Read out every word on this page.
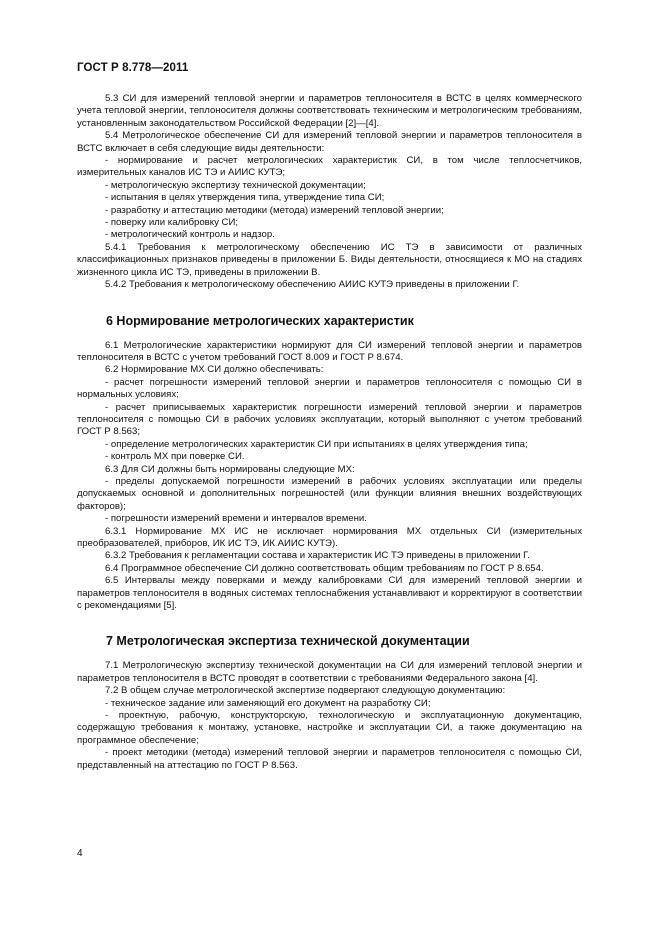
ГОСТ Р 8.778—2011

5.3 СИ для измерений тепловой энергии и параметров теплоносителя в ВСТС в целях коммерческого учета тепловой энергии, теплоносителя должны соответствовать техническим и метрологическим требованиям, установленным законодательством Российской Федерации [2]—[4].

5.4 Метрологическое обеспечение СИ для измерений тепловой энергии и параметров теплоносителя в ВСТС включает в себя следующие виды деятельности:

- нормирование и расчет метрологических характеристик СИ, в том числе теплосчетчиков, измерительных каналов ИС ТЭ и АИИС КУТЭ;

- метрологическую экспертизу технической документации;

- испытания в целях утверждения типа, утверждение типа СИ;

- разработку и аттестацию методики (метода) измерений тепловой энергии;

- поверку или калибровку СИ;

- метрологический контроль и надзор.

5.4.1 Требования к метрологическому обеспечению ИС ТЭ в зависимости от различных классификационных признаков приведены в приложении Б. Виды деятельности, относящиеся к МО на стадиях жизненного цикла ИС ТЭ, приведены в приложении В.

5.4.2 Требования к метрологическому обеспечению АИИС КУТЭ приведены в приложении Г.

6 Нормирование метрологических характеристик

6.1 Метрологические характеристики нормируют для СИ измерений тепловой энергии и параметров теплоносителя в ВСТС с учетом требований ГОСТ 8.009 и ГОСТ Р 8.674.

6.2 Нормирование МХ СИ должно обеспечивать:

- расчет погрешности измерений тепловой энергии и параметров теплоносителя с помощью СИ в нормальных условиях;

- расчет приписываемых характеристик погрешности измерений тепловой энергии и параметров теплоносителя с помощью СИ в рабочих условиях эксплуатации, который выполняют с учетом требований ГОСТ Р 8.563;

- определение метрологических характеристик СИ при испытаниях в целях утверждения типа;

- контроль МХ при поверке СИ.

6.3 Для СИ должны быть нормированы следующие МХ:

- пределы допускаемой погрешности измерений в рабочих условиях эксплуатации или пределы допускаемых основной и дополнительных погрешностей (или функции влияния внешних воздействующих факторов);

- погрешности измерений времени и интервалов времени.

6.3.1 Нормирование МХ ИС не исключает нормирования МХ отдельных СИ (измерительных преобразователей, приборов, ИК ИС ТЭ, ИК АИИС КУТЭ).

6.3.2 Требования к регламентации состава и характеристик ИС ТЭ приведены в приложении Г.

6.4 Программное обеспечение СИ должно соответствовать общим требованиям по ГОСТ Р 8.654.

6.5 Интервалы между поверками и между калибровками СИ для измерений тепловой энергии и параметров теплоносителя в водяных системах теплоснабжения устанавливают и корректируют в соответствии с рекомендациями [5].

7 Метрологическая экспертиза технической документации

7.1 Метрологическую экспертизу технической документации на СИ для измерений тепловой энергии и параметров теплоносителя в ВСТС проводят в соответствии с требованиями Федерального закона [4].

7.2 В общем случае метрологической экспертизе подвергают следующую документацию:

- техническое задание или заменяющий его документ на разработку СИ;

- проектную, рабочую, конструкторскую, технологическую и эксплуатационную документацию, содержащую требования к монтажу, установке, настройке и эксплуатации СИ, а также документацию на программное обеспечение;

- проект методики (метода) измерений тепловой энергии и параметров теплоносителя с помощью СИ, представленный на аттестацию по ГОСТ Р 8.563.

4
